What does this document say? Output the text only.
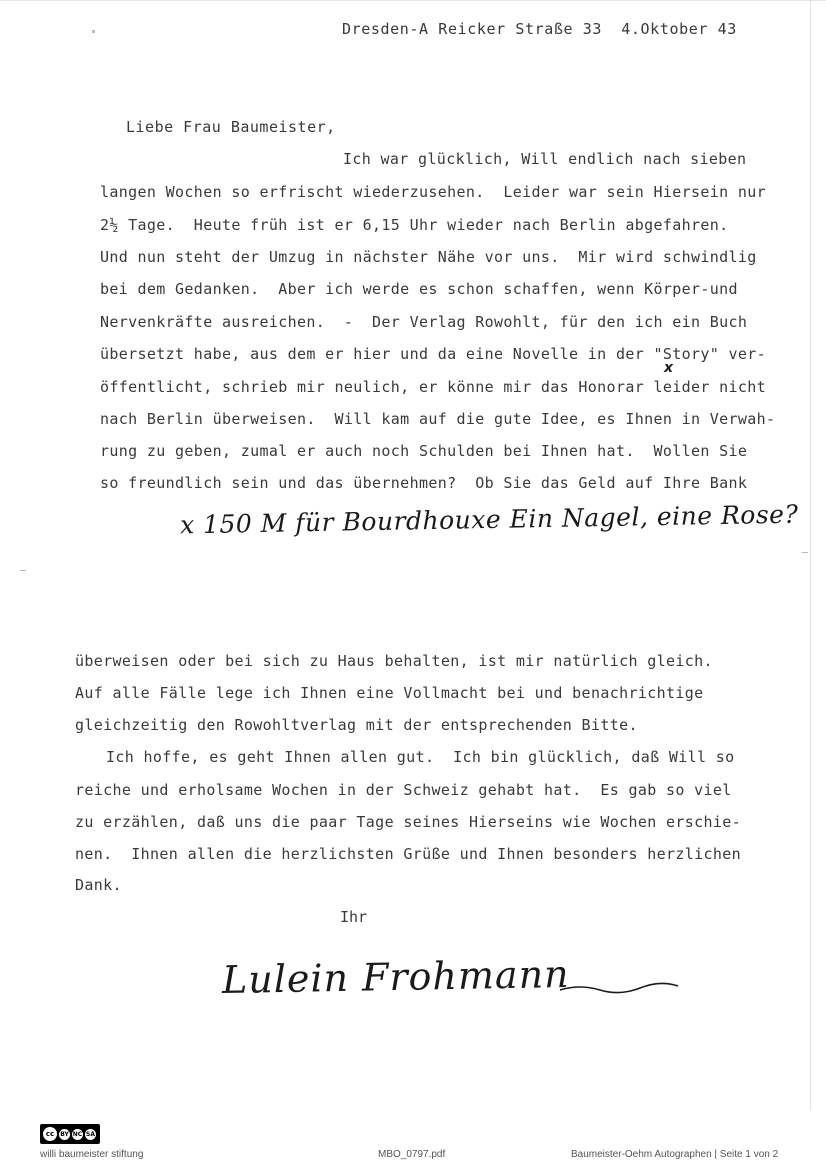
Dresden-A Reicker Straße 33  4.Oktober 43
Liebe Frau Baumeister,
Ich war glücklich, Will endlich nach sieben
langen Wochen so erfrischt wiederzusehen.  Leider war sein Hiersein nur
2½ Tage.  Heute früh ist er 6,15 Uhr wieder nach Berlin abgefahren.
Und nun steht der Umzug in nächster Nähe vor uns.  Mir wird schwindlig
bei dem Gedanken.  Aber ich werde es schon schaffen, wenn Körper-und
Nervenkräfte ausreichen.  -  Der Verlag Rowohlt, für den ich ein Buch
übersetzt habe, aus dem er hier und da eine Novelle in der "Story" ver-
öffentlicht, schrieb mir neulich, er könne mir das Honorar leider nicht
nach Berlin überweisen.  Will kam auf die gute Idee, es Ihnen in Verwah-
rung zu geben, zumal er auch noch Schulden bei Ihnen hat.  Wollen Sie
so freundlich sein und das übernehmen?  Ob Sie das Geld auf Ihre Bank
x
x 150 M für Bourdhouxe Ein Nagel, eine Rose?
überweisen oder bei sich zu Haus behalten, ist mir natürlich gleich.
Auf alle Fälle lege ich Ihnen eine Vollmacht bei und benachrichtige
gleichzeitig den Rowohltverlag mit der entsprechenden Bitte.
Ich hoffe, es geht Ihnen allen gut.  Ich bin glücklich, daß Will so
reiche und erholsame Wochen in der Schweiz gehabt hat.  Es gab so viel
zu erzählen, daß uns die paar Tage seines Hierseins wie Wochen erschie-
nen.  Ihnen allen die herzlichsten Grüße und Ihnen besonders herzlichen
Dank.
Ihr
Lulein Frohmann
cc	BY NC SA
willi baumeister stiftung	MBO_0797.pdf	Baumeister-Oehm Autographen | Seite 1 von 2
